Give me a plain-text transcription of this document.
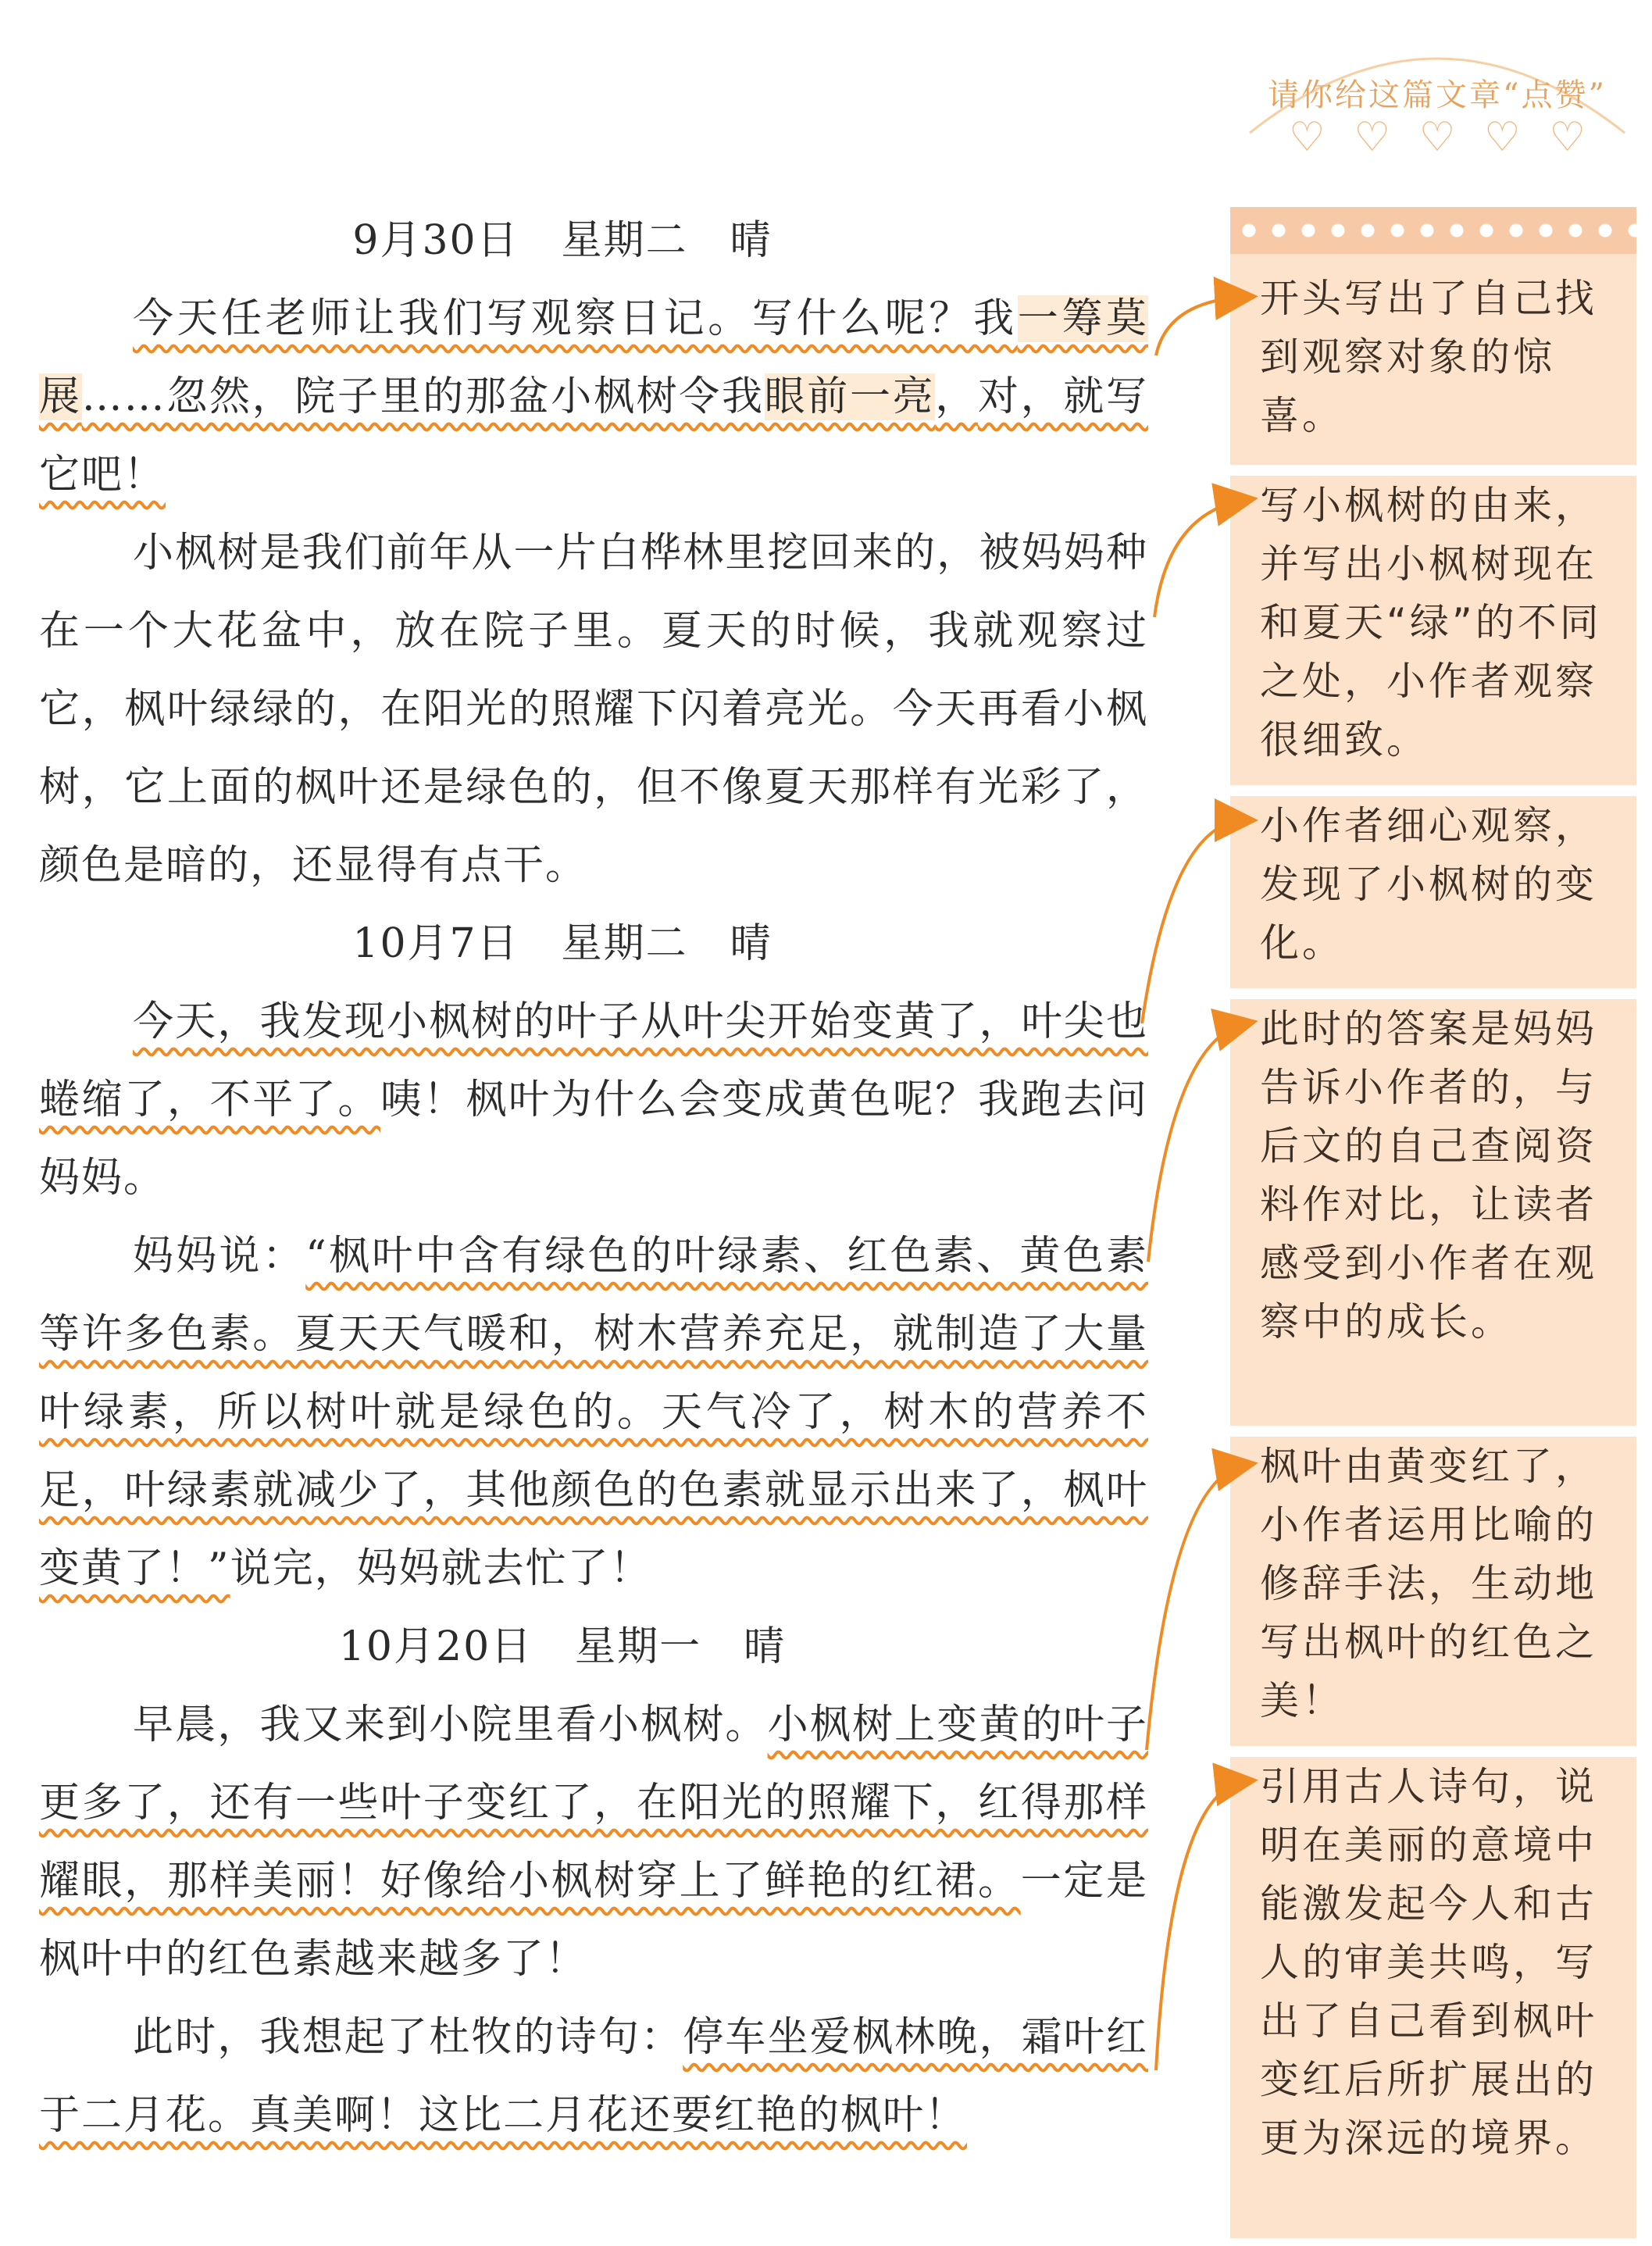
请你给这篇文章“点赞”
♡ ♡ ♡ ♡ ♡
9月30日　星期二　晴
今天任老师让我们写观察日记。写什么呢？我一筹莫展……忽然，院子里的那盆小枫树令我眼前一亮，对，就写它吧！
小枫树是我们前年从一片白桦林里挖回来的，被妈妈种在一个大花盆中，放在院子里。夏天的时候，我就观察过它，枫叶绿绿的，在阳光的照耀下闪着亮光。今天再看小枫树，它上面的枫叶还是绿色的，但不像夏天那样有光彩了，颜色是暗的，还显得有点干。
10月7日　星期二　晴
今天，我发现小枫树的叶子从叶尖开始变黄了，叶尖也蜷缩了，不平了。咦！枫叶为什么会变成黄色呢？我跑去问妈妈。
妈妈说：“枫叶中含有绿色的叶绿素、红色素、黄色素等许多色素。夏天天气暖和，树木营养充足，就制造了大量叶绿素，所以树叶就是绿色的。天气冷了，树木的营养不足，叶绿素就减少了，其他颜色的色素就显示出来了，枫叶变黄了！”说完，妈妈就去忙了！
10月20日　星期一　晴
早晨，我又来到小院里看小枫树。小枫树上变黄的叶子更多了，还有一些叶子变红了，在阳光的照耀下，红得那样耀眼，那样美丽！好像给小枫树穿上了鲜艳的红裙。一定是枫叶中的红色素越来越多了！
此时，我想起了杜牧的诗句：停车坐爱枫林晚，霜叶红于二月花。真美啊！这比二月花还要红艳的枫叶！
开头写出了自己找到观察对象的惊喜。
写小枫树的由来，并写出小枫树现在和夏天“绿”的不同之处，小作者观察很细致。
小作者细心观察，发现了小枫树的变化。
此时的答案是妈妈告诉小作者的，与后文的自己查阅资料作对比，让读者感受到小作者在观察中的成长。
枫叶由黄变红了，小作者运用比喻的修辞手法，生动地写出枫叶的红色之美！
引用古人诗句，说明在美丽的意境中能激发起今人和古人的审美共鸣，写出了自己看到枫叶变红后所扩展出的更为深远的境界。
